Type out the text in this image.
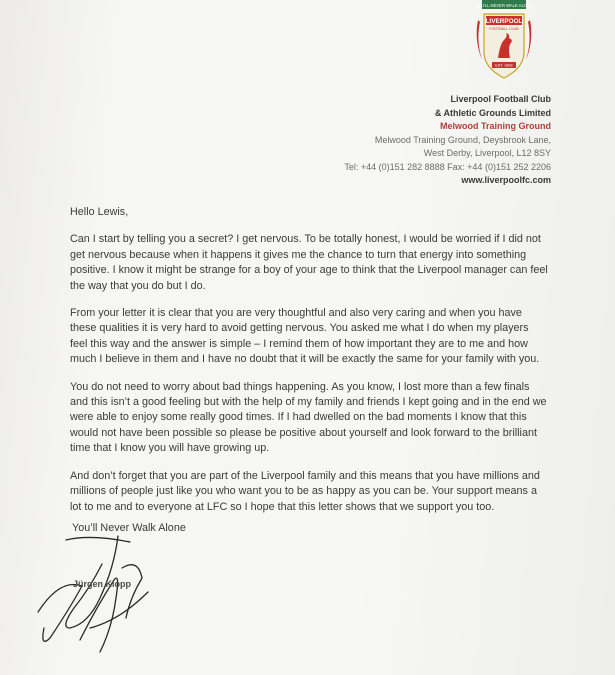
YOU'LL NEVER WALK ALONE
LIVERPOOL
FOOTBALL CLUB
EST. 1892
Liverpool Football Club
& Athletic Grounds Limited
Melwood Training Ground
Melwood Training Ground, Deysbrook Lane,
West Derby, Liverpool, L12 8SY
Tel: +44 (0)151 282 8888 Fax: +44 (0)151 252 2206
www.liverpoolfc.com

Hello Lewis,

Can I start by telling you a secret? I get nervous. To be totally honest, I would be worried if I did not get nervous because when it happens it gives me the chance to turn that energy into something positive. I know it might be strange for a boy of your age to think that the Liverpool manager can feel the way that you do but I do.

From your letter it is clear that you are very thoughtful and also very caring and when you have these qualities it is very hard to avoid getting nervous. You asked me what I do when my players feel this way and the answer is simple – I remind them of how important they are to me and how much I believe in them and I have no doubt that it will be exactly the same for your family with you.

You do not need to worry about bad things happening. As you know, I lost more than a few finals and this isn’t a good feeling but with the help of my family and friends I kept going and in the end we were able to enjoy some really good times. If I had dwelled on the bad moments I know that this would not have been possible so please be positive about yourself and look forward to the brilliant time that I know you will have growing up.

And don’t forget that you are part of the Liverpool family and this means that you have millions and millions of people just like you who want you to be as happy as you can be. Your support means a lot to me and to everyone at LFC so I hope that this letter shows that we support you too.

You’ll Never Walk Alone
Jürgen Klopp
